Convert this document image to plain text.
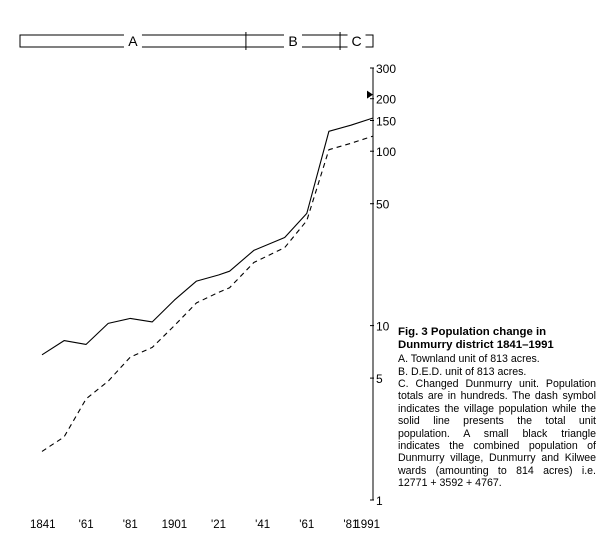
A	B	C
1
5
10
50
100
150
200
300
1841 '61	'81 1901 '21	'41	'61	'81
1991
Fig. 3 Population change in Dunmurry district 1841–1991
A. Townland unit of 813 acres.
B. D.E.D. unit of 813 acres.
C. Changed Dunmurry unit. Population totals are in hundreds. The dash symbol indicates the village population while the solid line presents the total unit population. A small black triangle indicates the combined population of Dunmurry village, Dunmurry and Kilwee wards (amounting to 814 acres) i.e. 12771 + 3592 + 4767.
